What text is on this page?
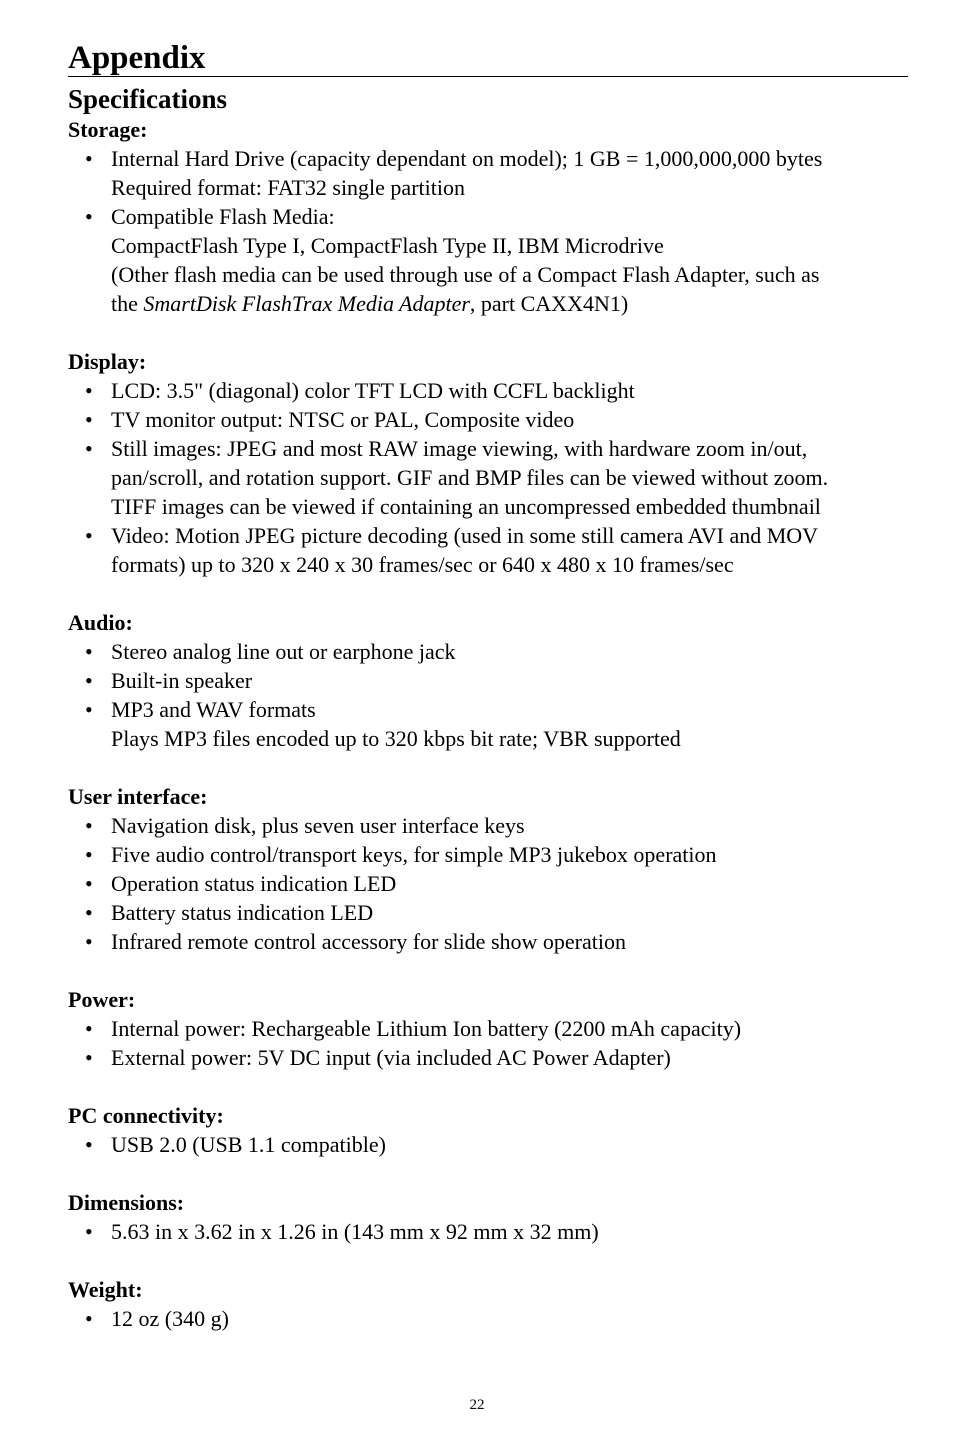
Appendix
Specifications
Storage:
• Internal Hard Drive (capacity dependant on model); 1 GB = 1,000,000,000 bytes
Required format: FAT32 single partition
• Compatible Flash Media:
CompactFlash Type I, CompactFlash Type II, IBM Microdrive
(Other flash media can be used through use of a Compact Flash Adapter, such as
the SmartDisk FlashTrax Media Adapter, part CAXX4N1)
Display:
• LCD: 3.5" (diagonal) color TFT LCD with CCFL backlight
• TV monitor output: NTSC or PAL, Composite video
• Still images: JPEG and most RAW image viewing, with hardware zoom in/out,
pan/scroll, and rotation support. GIF and BMP files can be viewed without zoom.
TIFF images can be viewed if containing an uncompressed embedded thumbnail
• Video: Motion JPEG picture decoding (used in some still camera AVI and MOV
formats) up to 320 x 240 x 30 frames/sec or 640 x 480 x 10 frames/sec
Audio:
• Stereo analog line out or earphone jack
• Built-in speaker
• MP3 and WAV formats
Plays MP3 files encoded up to 320 kbps bit rate; VBR supported
User interface:
• Navigation disk, plus seven user interface keys
• Five audio control/transport keys, for simple MP3 jukebox operation
• Operation status indication LED
• Battery status indication LED
• Infrared remote control accessory for slide show operation
Power:
• Internal power: Rechargeable Lithium Ion battery (2200 mAh capacity)
• External power: 5V DC input (via included AC Power Adapter)
PC connectivity:
• USB 2.0 (USB 1.1 compatible)
Dimensions:
• 5.63 in x 3.62 in x 1.26 in (143 mm x 92 mm x 32 mm)
Weight:
• 12 oz (340 g)
22
